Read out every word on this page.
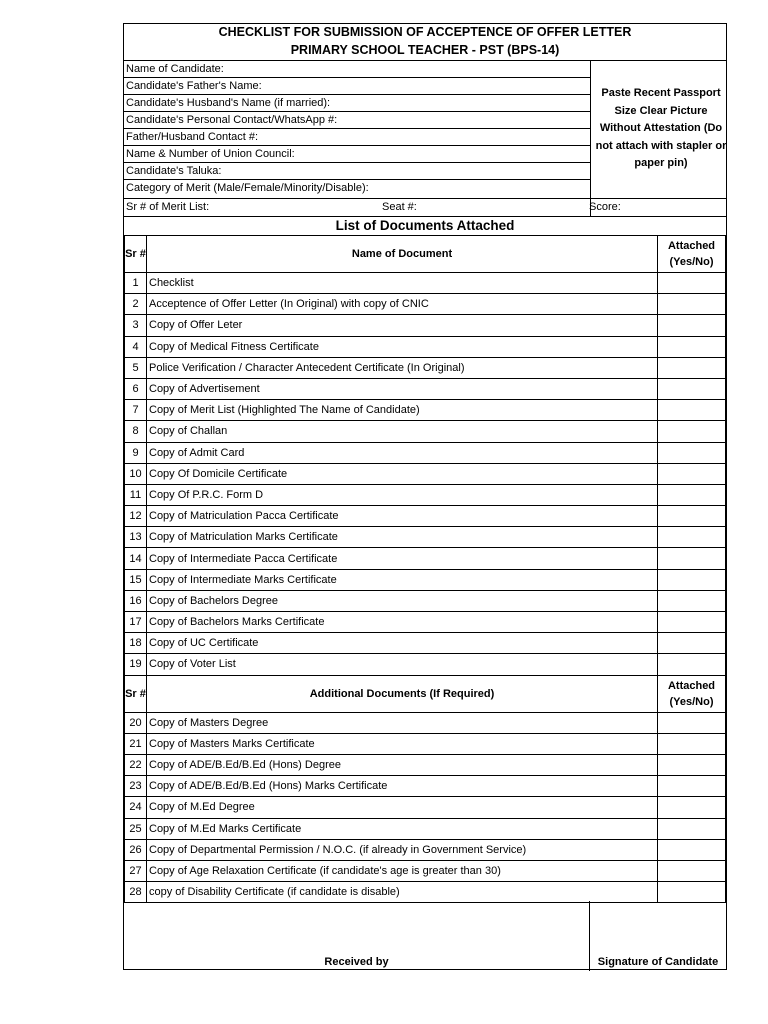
CHECKLIST FOR SUBMISSION OF ACCEPTENCE OF OFFER LETTER
PRIMARY SCHOOL TEACHER - PST (BPS-14)
Name of Candidate:
Candidate's Father's Name:
Candidate's Husband's Name (if married):
Candidate's Personal Contact/WhatsApp #:
Father/Husband Contact #:
Name & Number of Union Council:
Candidate's Taluka:
Category of Merit (Male/Female/Minority/Disable):
Paste Recent Passport Size Clear Picture Without Attestation (Do not attach with stapler or paper pin)
Sr # of Merit List:	Seat #:	Score:
List of Documents Attached
Sr #	Name of Document	Attached (Yes/No)
1	Checklist	
2	Acceptence of Offer Letter (In Original) with copy of CNIC	
3	Copy of Offer Leter	
4	Copy of Medical Fitness Certificate	
5	Police Verification / Character Antecedent Certificate (In Original)	
6	Copy of Advertisement	
7	Copy of Merit List (Highlighted The Name of Candidate)	
8	Copy of Challan	
9	Copy of Admit Card	
10	Copy Of Domicile Certificate	
11	Copy Of P.R.C. Form D	
12	Copy of Matriculation Pacca Certificate	
13	Copy of Matriculation Marks Certificate	
14	Copy of Intermediate Pacca Certificate	
15	Copy of Intermediate Marks Certificate	
16	Copy of Bachelors Degree	
17	Copy of Bachelors Marks Certificate	
18	Copy of UC Certificate	
19	Copy of Voter List	
Sr #	Additional Documents (If Required)	Attached (Yes/No)
20	Copy of Masters Degree	
21	Copy of Masters Marks Certificate	
22	Copy of ADE/B.Ed/B.Ed (Hons) Degree	
23	Copy of ADE/B.Ed/B.Ed (Hons) Marks Certificate	
24	Copy of M.Ed Degree	
25	Copy of M.Ed Marks Certificate	
26	Copy of Departmental Permission / N.O.C. (if already in Government Service)	
27	Copy of Age Relaxation Certificate (if candidate's age is greater than 30)	
28	copy of Disability Certificate (if candidate is disable)	
Received by	Signature of Candidate
